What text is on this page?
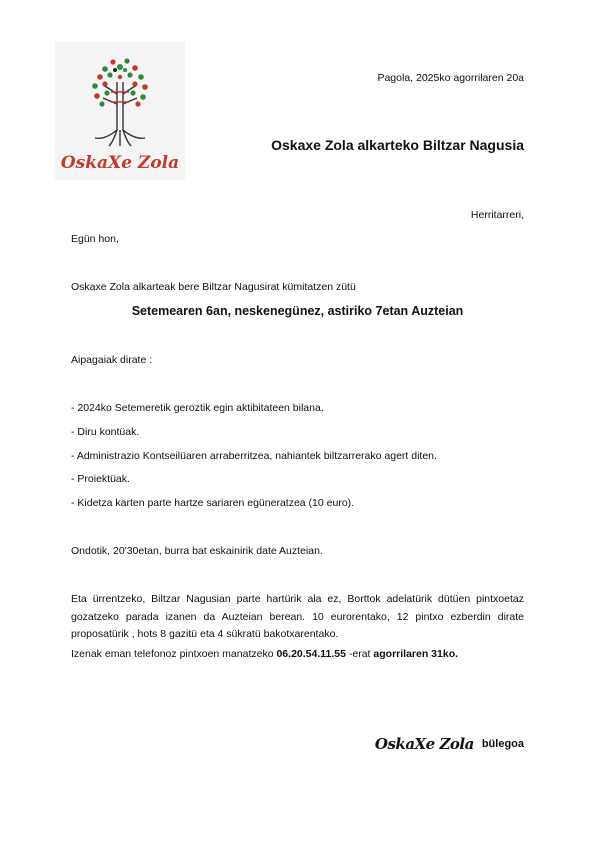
OskaXe Zola
Pagola, 2025ko agorrilaren 20a
Oskaxe Zola alkarteko Biltzar Nagusia
Herritarreri,
Egün hon,
Oskaxe Zola alkarteak bere Biltzar Nagusirat kümitatzen zütü
Setemearen 6an, neskenegünez, astiriko 7etan Auzteian
Aipagaiak dirate :
- 2024ko Setemeretik geroztik egin aktibitateen bilana.
- Diru kontüak.
- Administrazio Kontseilüaren arraberritzea, nahiantek biltzarrerako agert diten.
- Proiektüak.
- Kidetza karten parte hartze sariaren egüneratzea (10 euro).
Ondotik, 20'30etan, burra bat eskainirik date Auzteian.
Eta ürrentzeko, Biltzar Nagusian parte hartürik ala ez, Borttok adelatürik dütüen pintxoetaz gozatzeko parada izanen da Auzteian berean. 10 eurorentako, 12 pintxo ezberdin dirate proposatürik , hots 8 gazitü eta 4 sükratü bakotxarentako.
Izenak eman telefonoz pintxoen manatzeko 06.20.54.11.55 -erat agorrilaren 31ko.
OskaXe Zola bülegoa
